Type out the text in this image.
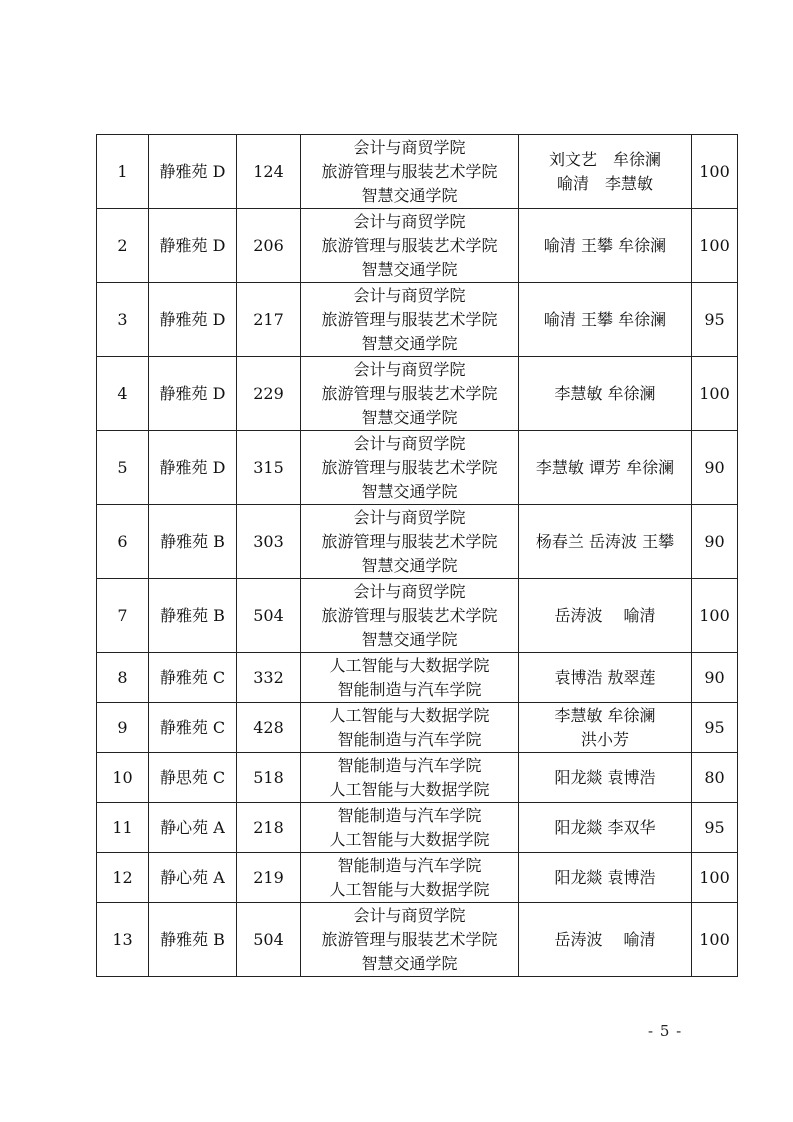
1	静雅苑 D	124	会计与商贸学院
旅游管理与服装艺术学院
智慧交通学院	刘文艺　牟徐澜
喻清　李慧敏	100
2	静雅苑 D	206	会计与商贸学院
旅游管理与服装艺术学院
智慧交通学院	喻清 王攀 牟徐澜	100
3	静雅苑 D	217	会计与商贸学院
旅游管理与服装艺术学院
智慧交通学院	喻清 王攀 牟徐澜	95
4	静雅苑 D	229	会计与商贸学院
旅游管理与服装艺术学院
智慧交通学院	李慧敏 牟徐澜	100
5	静雅苑 D	315	会计与商贸学院
旅游管理与服装艺术学院
智慧交通学院	李慧敏 谭芳 牟徐澜	90
6	静雅苑 B	303	会计与商贸学院
旅游管理与服装艺术学院
智慧交通学院	杨春兰 岳涛波 王攀	90
7	静雅苑 B	504	会计与商贸学院
旅游管理与服装艺术学院
智慧交通学院	岳涛波　 喻清	100
8	静雅苑 C	332	人工智能与大数据学院
智能制造与汽车学院	袁博浩 敖翠莲	90
9	静雅苑 C	428	人工智能与大数据学院
智能制造与汽车学院	李慧敏 牟徐澜
洪小芳	95
10	静思苑 C	518	智能制造与汽车学院
人工智能与大数据学院	阳龙燚 袁博浩	80
11	静心苑 A	218	智能制造与汽车学院
人工智能与大数据学院	阳龙燚 李双华	95
12	静心苑 A	219	智能制造与汽车学院
人工智能与大数据学院	阳龙燚 袁博浩	100
13	静雅苑 B	504	会计与商贸学院
旅游管理与服装艺术学院
智慧交通学院	岳涛波　 喻清	100
- 5 -
